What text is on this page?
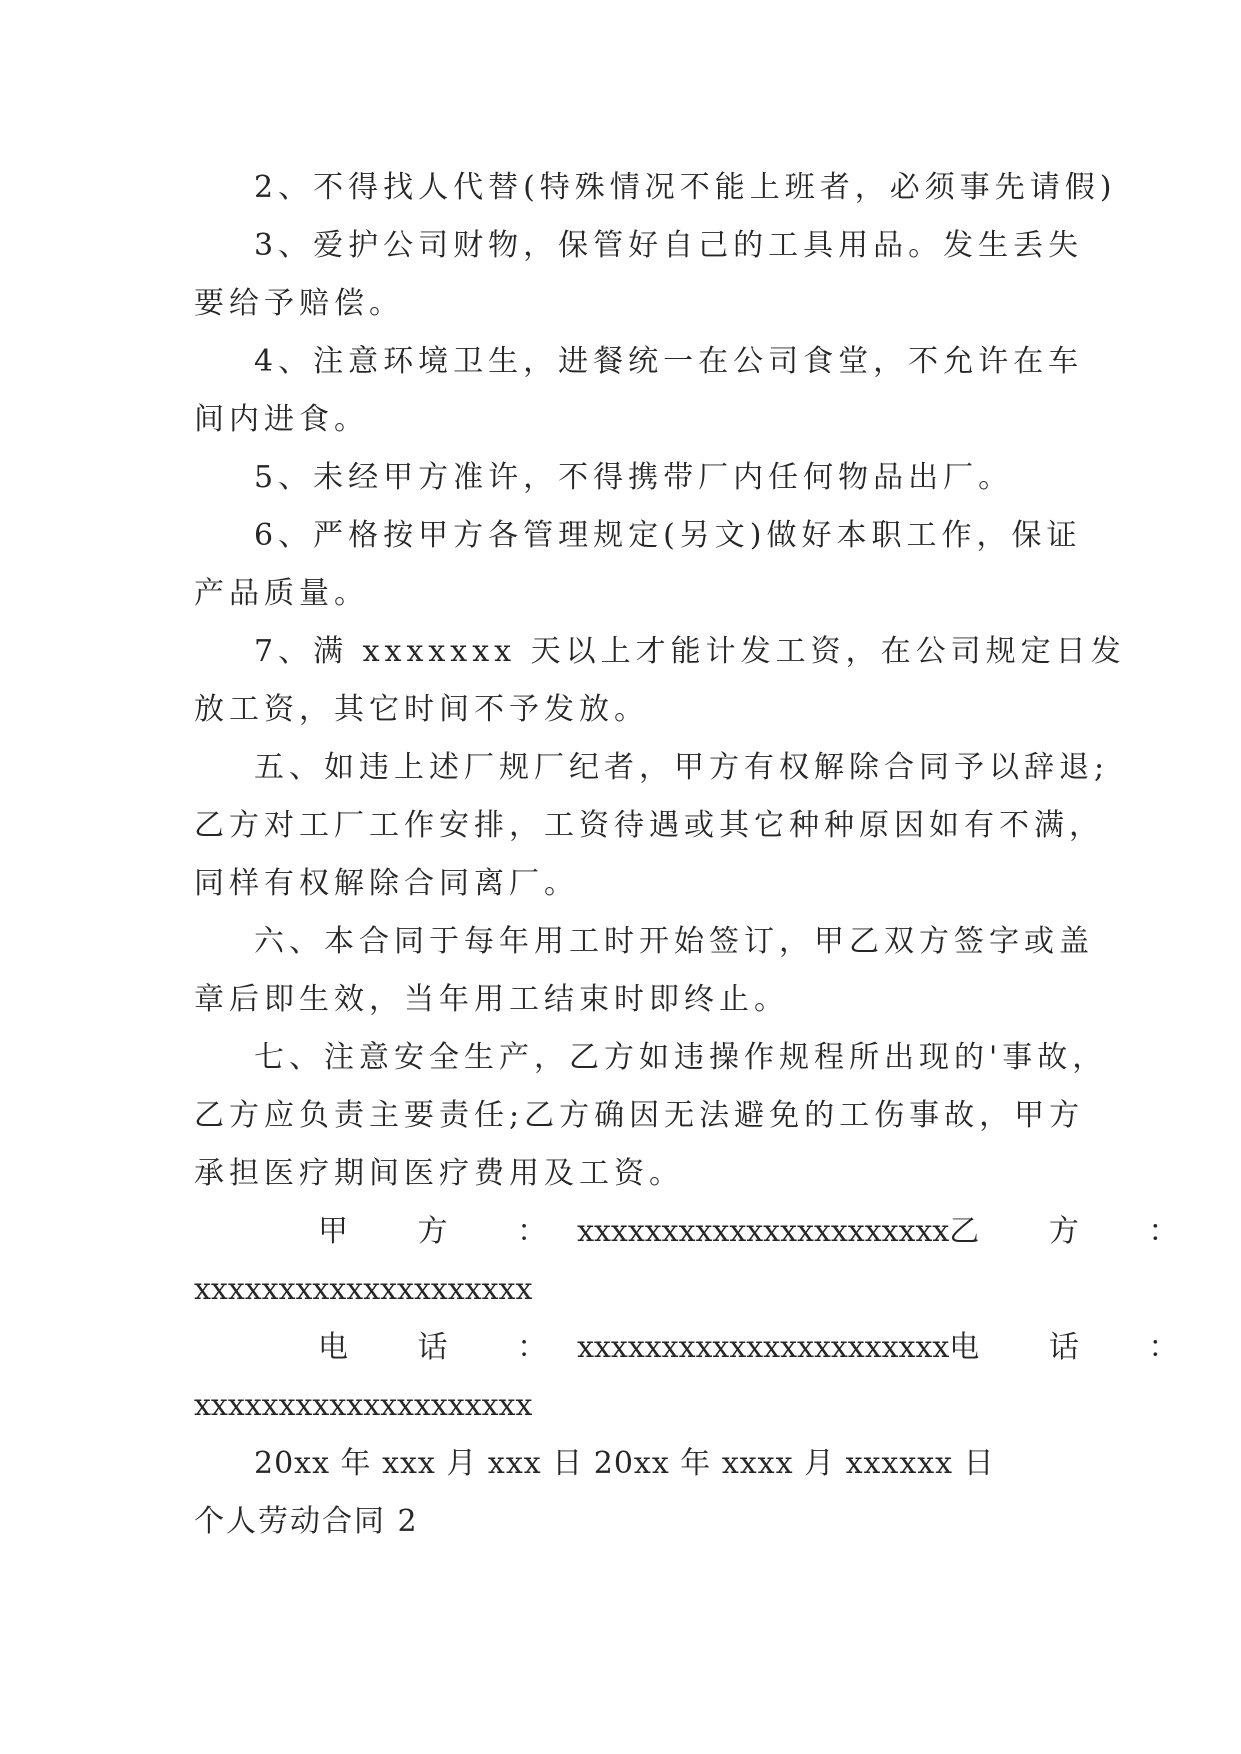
2、不得找人代替(特殊情况不能上班者，必须事先请假)
3、爱护公司财物，保管好自己的工具用品。发生丢失
要给予赔偿。
4、注意环境卫生，进餐统一在公司食堂，不允许在车
间内进食。
5、未经甲方准许，不得携带厂内任何物品出厂。
6、严格按甲方各管理规定(另文)做好本职工作，保证
产品质量。
7、满 xxxxxxx 天以上才能计发工资，在公司规定日发
放工资，其它时间不予发放。
五、如违上述厂规厂纪者，甲方有权解除合同予以辞退;
乙方对工厂工作安排，工资待遇或其它种种原因如有不满，
同样有权解除合同离厂。
六、本合同于每年用工时开始签订，甲乙双方签字或盖
章后即生效，当年用工结束时即终止。
七、注意安全生产，乙方如违操作规程所出现的'事故，
乙方应负责主要责任;乙方确因无法避免的工伤事故，甲方
承担医疗期间医疗费用及工资。
甲 方 ： xxxxxxxxxxxxxxxxxxxxxx 乙 方 ：
xxxxxxxxxxxxxxxxxxxx
电 话 ： xxxxxxxxxxxxxxxxxxxxxx 电 话 ：
xxxxxxxxxxxxxxxxxxxx
20xx 年 xxx 月 xxx 日 20xx 年 xxxx 月 xxxxxx 日
个人劳动合同 2
